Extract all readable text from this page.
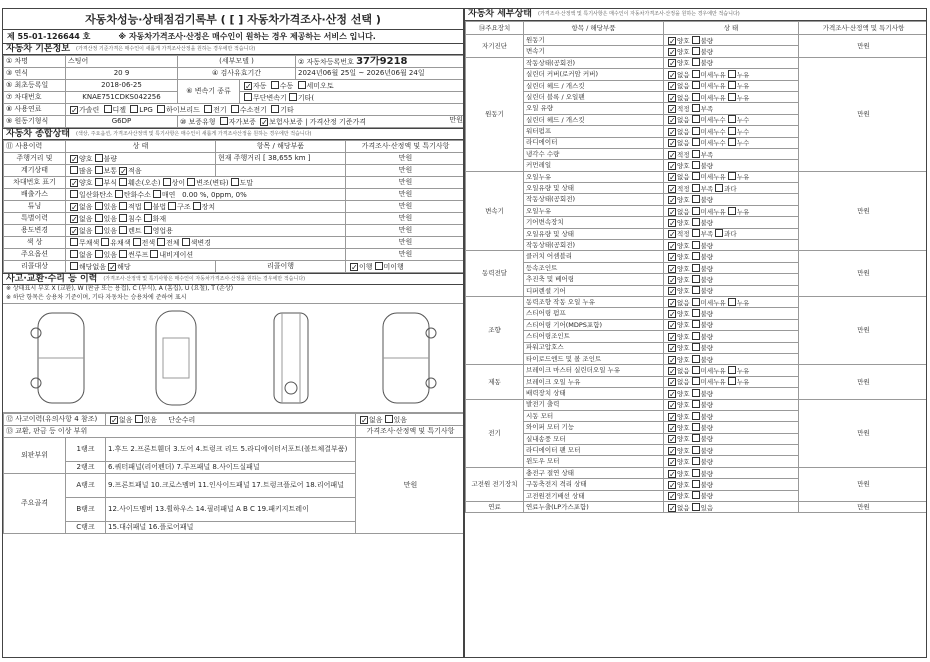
자동차성능·상태점검기록부 ( [ ] 자동차가격조사·산정 선택 )
제 55-01-126644 호	※ 자동차가격조사·산정은 매수인이 원하는 경우 제공하는 서비스 입니다.
자동차 기본정보 (가격산정 기준가격은 매수인이 새롭게 가격조사산정을 원하는 경우에만 적습니다)
① 차명	스팅어	(세부모델 )		② 자동차등록번호 37가9218
③ 연식	20 9	④ 검사유효기간		2024년06월 25일 ~ 2026년06월 24일
⑤ 최초등록일	2018-06-25	⑥ 변속기 종류	✓자동 수동 세미오토	
⑦ 차대번호	KNAE751CDKS042256		무단변속기 기타(	
⑧ 사용연료	✓가솔린 디젤 LPG 하이브리드 전기 수소전기 기타			
⑨ 원동기형식	G6DP	⑩ 보증유형 자가보증 ✓보험사보증 | 가격산정 기준가격 만원		
자동차 종합상태 (색상, 주요옵션, 가격조사산정액 및 특기사항은 매수인이 새롭게 가격조사산정을 원하는 경우에만 적습니다)
⑪ 사용이력	상 태	항목 / 해당부품	가격조사·산정액 및 특기사항
주행거리 및	✓양호 불량	현재 주행거리 [ 38,655 km ]	만원
계기상태	많음 보통 ✓적음		만원
차대번호 표기	✓양호 부식 훼손(오손) 상이 변조(변타) 도말		만원
배출가스	일산화탄소 탄화수소 매연 0.00 %, 0ppm, 0%		만원
튜닝	✓없음 있음 적법 불법 구조 장치		만원
특별이력	✓없음 있음 침수 화재		만원
용도변경	✓없음 있음 렌트 영업용		만원
색 상	무채색 유채색 전색 전체 색변경		만원
주요옵션	없음 있음 썬루프 내비게이션		만원
리콜대상	해당없음 ✓해당	리콜이행	✓이행 미이행
사고·교환·수리 등 이력 (가격조사·산정액 및 특기사항은 매수인이 자동차가격조사·산정을 원하는 경우에만 적습니다)
※ 상태표시 부호 X (교환), W (판금 또는 용접), C (부식), A (흠집), U (요철), T (손상)
※ 하단 항목은 승용차 기준이며, 기타 자동차는 승용차에 준하여 표시
⑫ 사고이력(유의사항 4 참조)		✓없음 있음 단순수리	✓없음 있음
⑬ 교환, 판금 등 이상 부위			가격조사·산정액 및 특기사항
외판부위	1랭크	1.후드 2.프론트휀더 3.도어 4.트렁크 리드 5.라디에이터서포트(볼트체결부품)	만원
	2랭크	6.쿼터패널(리어펜더) 7.루프패널 8.사이드실패널	
주요골격	A랭크	9.프론트패널 10.크로스멤버 11.인사이드패널 17.트렁크플로어 18.리어패널	
	B랭크	12.사이드멤버 13.휠하우스 14.필러패널 A B C 19.패키지트레이	
	C랭크	15.대쉬패널 16.플로어패널	
자동차 세부상태 (가격조사·산정액 및 특기사항은 매수인이 자동차가격조사·산정을 원하는 경우에만 적습니다)
⑭주요장치	항목 / 해당부품	상 태	가격조사·산정액 및 특기사항
자기진단	원동기	✓양호 불량	만원
	변속기	✓양호 불량	
원동기	작동상태(공회전)	✓양호 불량	만원
	실린더 커버(로커암 커버)	✓없음 미세누유 누유	
	실린더 헤드 / 개스킷	✓없음 미세누유 누유	
	실린더 블록 / 오일팬	✓없음 미세누유 누유	
	오일 유량	✓적정 부족	
	실린더 헤드 / 개스킷	✓없음 미세누수 누수	
	워터펌프	✓없음 미세누수 누수	
	라디에이터	✓없음 미세누수 누수	
	냉각수 수량	✓적정 부족	
	커먼레일	✓양호 불량	
변속기	오일누유	✓없음 미세누유 누유	만원
	오일유량 및 상태	✓적정 부족 과다	
	작동상태(공회전)	✓양호 불량	
	오일누유	✓없음 미세누유 누유	
	기어변속장치	✓양호 불량	
	오일유량 및 상태	✓적정 부족 과다	
	작동상태(공회전)	✓양호 불량	
동력전달	클러치 어셈블리	✓양호 불량	만원
	등속조인트	✓양호 불량	
	추진축 및 베어링	✓양호 불량	
	디퍼렌셜 기어	✓양호 불량	
조향	동력조향 작동 오일 누유	✓없음 미세누유 누유	만원
	스티어링 펌프	✓양호 불량	
	스티어링 기어(MDPS포함)	✓양호 불량	
	스티어링조인트	✓양호 불량	
	파워고압호스	✓양호 불량	
	타이로드엔드 및 볼 조인트	✓양호 불량	
제동	브레이크 마스터 실린더오일 누유	✓없음 미세누유 누유	만원
	브레이크 오일 누유	✓없음 미세누유 누유	
	배력장치 상태	✓양호 불량	
전기	발전기 출력	✓양호 불량	만원
	시동 모터	✓양호 불량	
	와이퍼 모터 기능	✓양호 불량	
	실내송풍 모터	✓양호 불량	
	라디에이터 팬 모터	✓양호 불량	
	윈도우 모터	✓양호 불량	
고전원 전기장치	충전구 절연 상태	✓양호 불량	만원
	구동축전지 격리 상태	✓양호 불량	
	고전원전기배선 상태	✓양호 불량	
연료	연료누출(LP가스포함)	✓없음 있음	만원
